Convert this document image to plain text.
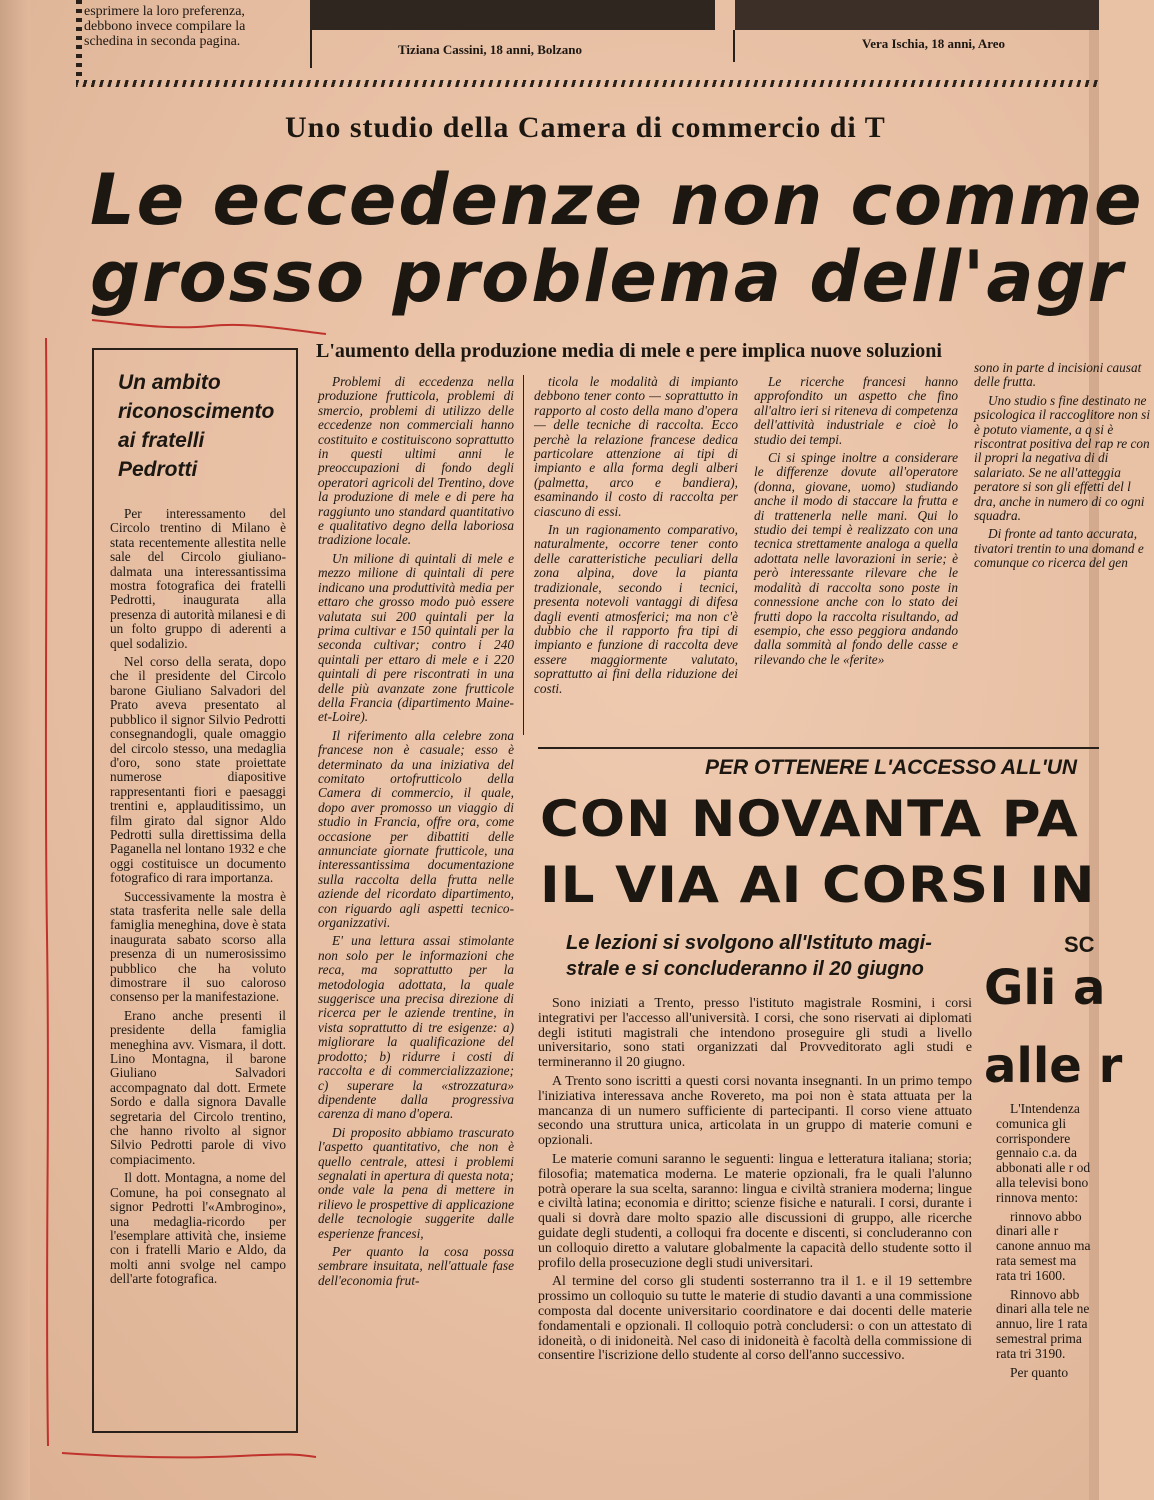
esprimere la loro preferenza, debbono invece compilare la schedina in seconda pagina.
Tiziana Cassini, 18 anni, Bolzano	Vera Ischia, 18 anni, Areo
Uno studio della Camera di commercio di T
Le eccedenze non comme
grosso problema dell'agr
L'aumento della produzione media di mele e pere implica nuove soluzioni
Un ambito
riconoscimento
ai fratelli
Pedrotti

Per interessamento del Circolo trentino di Milano è stata recentemente allestita nelle sale del Circolo giuliano-dalmata una interessantissima mostra fotografica dei fratelli Pedrotti, inaugurata alla presenza di autorità milanesi e di un folto gruppo di aderenti a quel sodalizio.

Nel corso della serata, dopo che il presidente del Circolo barone Giuliano Salvadori del Prato aveva presentato al pubblico il signor Silvio Pedrotti consegnandogli, quale omaggio del circolo stesso, una medaglia d'oro, sono state proiettate numerose diapositive rappresentanti fiori e paesaggi trentini e, applauditissimo, un film girato dal signor Aldo Pedrotti sulla direttissima della Paganella nel lontano 1932 e che oggi costituisce un documento fotografico di rara importanza.

Successivamente la mostra è stata trasferita nelle sale della famiglia meneghina, dove è stata inaugurata sabato scorso alla presenza di un numerosissimo pubblico che ha voluto dimostrare il suo caloroso consenso per la manifestazione.

Erano anche presenti il presidente della famiglia meneghina avv. Vismara, il dott. Lino Montagna, il barone Giuliano Salvadori accompagnato dal dott. Ermete Sordo e dalla signora Davalle segretaria del Circolo trentino, che hanno rivolto al signor Silvio Pedrotti parole di vivo compiacimento.

Il dott. Montagna, a nome del Comune, ha poi consegnato al signor Pedrotti l'«Ambrogino», una medaglia-ricordo per l'esemplare attività che, insieme con i fratelli Mario e Aldo, da molti anni svolge nel campo dell'arte fotografica.

Problemi di eccedenza nella produzione frutticola, problemi di smercio, problemi di utilizzo delle eccedenze non commerciali hanno costituito e costituiscono soprattutto in questi ultimi anni le preoccupazioni di fondo degli operatori agricoli del Trentino, dove la produzione di mele e di pere ha raggiunto uno standard quantitativo e qualitativo degno della laboriosa tradizione locale.

Un milione di quintali di mele e mezzo milione di quintali di pere indicano una produttività media per ettaro che grosso modo può essere valutata sui 200 quintali per la prima cultivar e 150 quintali per la seconda cultivar; contro i 240 quintali per ettaro di mele e i 220 quintali di pere riscontrati in una delle più avanzate zone frutticole della Francia (dipartimento Maine-et-Loire).

Il riferimento alla celebre zona francese non è casuale; esso è determinato da una iniziativa del comitato ortofrutticolo della Camera di commercio, il quale, dopo aver promosso un viaggio di studio in Francia, offre ora, come occasione per dibattiti delle annunciate giornate frutticole, una interessantissima documentazione sulla raccolta della frutta nelle aziende del ricordato dipartimento, con riguardo agli aspetti tecnico-organizzativi.

E' una lettura assai stimolante non solo per le informazioni che reca, ma soprattutto per la metodologia adottata, la quale suggerisce una precisa direzione di ricerca per le aziende trentine, in vista soprattutto di tre esigenze: a) migliorare la qualificazione del prodotto; b) ridurre i costi di raccolta e di commercializzazione; c) superare la «strozzatura» dipendente dalla progressiva carenza di mano d'opera.

Di proposito abbiamo trascurato l'aspetto quantitativo, che non è quello centrale, attesi i problemi segnalati in apertura di questa nota; onde vale la pena di mettere in rilievo le prospettive di applicazione delle tecnologie suggerite dalle esperienze francesi,

Per quanto la cosa possa sembrare insuitata, nell'attuale fase dell'economia frut-

ticola le modalità di impianto debbono tener conto — soprattutto in rapporto al costo della mano d'opera — delle tecniche di raccolta. Ecco perchè la relazione francese dedica particolare attenzione ai tipi di impianto e alla forma degli alberi (palmetta, arco e bandiera), esaminando il costo di raccolta per ciascuno di essi.

In un ragionamento comparativo, naturalmente, occorre tener conto delle caratteristiche peculiari della zona alpina, dove la pianta tradizionale, secondo i tecnici, presenta notevoli vantaggi di difesa dagli eventi atmosferici; ma non c'è dubbio che il rapporto fra tipi di impianto e funzione di raccolta deve essere maggiormente valutato, soprattutto ai fini della riduzione dei costi.

Le ricerche francesi hanno approfondito un aspetto che fino all'altro ieri si riteneva di competenza dell'attività industriale e cioè lo studio dei tempi.

Ci si spinge inoltre a considerare le differenze dovute all'operatore (donna, giovane, uomo) studiando anche il modo di staccare la frutta e di trattenerla nelle mani. Qui lo studio dei tempi è realizzato con una tecnica strettamente analoga a quella adottata nelle lavorazioni in serie; è però interessante rilevare che le modalità di raccolta sono poste in connessione anche con lo stato dei frutti dopo la raccolta risultando, ad esempio, che esso peggiora andando dalla sommità al fondo delle casse e rilevando che le «ferite»

sono in parte d incisioni causat delle frutta.

Uno studio s fine destinato ne psicologica il raccoglitore non si è potuto viamente, a q si è riscontrat positiva del rap re con il propri la negativa di di salariato. Se ne all'atteggia peratore si son gli effetti del l dra, anche in numero di co ogni squadra.

Di fronte ad tanto accurata, tivatori trentin to una domand e comunque co ricerca del gen

PER OTTENERE L'ACCESSO ALL'UN
CON NOVANTA PA
IL VIA AI CORSI IN
Le lezioni si svolgono all'Istituto magi-
strale e si concluderanno il 20 giugno

Sono iniziati a Trento, presso l'istituto magistrale Rosmini, i corsi integrativi per l'accesso all'università. I corsi, che sono riservati ai diplomati degli istituti magistrali che intendono proseguire gli studi a livello universitario, sono stati organizzati dal Provveditorato agli studi e termineranno il 20 giugno.

A Trento sono iscritti a questi corsi novanta insegnanti. In un primo tempo l'iniziativa interessava anche Rovereto, ma poi non è stata attuata per la mancanza di un numero sufficiente di partecipanti. Il corso viene attuato secondo una struttura unica, articolata in un gruppo di materie comuni e opzionali.

Le materie comuni saranno le seguenti: lingua e letteratura italiana; storia; filosofia; matematica moderna. Le materie opzionali, fra le quali l'alunno potrà operare la sua scelta, saranno: lingua e civiltà straniera moderna; lingue e civiltà latina; economia e diritto; scienze fisiche e naturali. I corsi, durante i quali si dovrà dare molto spazio alle discussioni di gruppo, alle ricerche guidate degli studenti, a colloqui fra docente e discenti, si concluderanno con un colloquio diretto a valutare globalmente la capacità dello studente sotto il profilo della prosecuzione degli studi universitari.

Al termine del corso gli studenti sosterranno tra il 1. e il 19 settembre prossimo un colloquio su tutte le materie di studio davanti a una commissione composta dal docente universitario coordinatore e dai docenti delle materie fondamentali e opzionali. Il colloquio potrà concludersi: o con un attestato di idoneità, o di inidoneità. Nel caso di inidoneità è facoltà della commissione di consentire l'iscrizione dello studente al corso dell'anno successivo.

SC
Gli a
alle r

L'Intendenza comunica gli corrispondere gennaio c.a. da abbonati alle r od alla televisi bono rinnova mento:

rinnovo abbo dinari alle r canone annuo ma rata semest ma rata tri 1600.

Rinnovo abb dinari alla tele ne annuo, lire 1 rata semestral prima rata tri 3190.

Per quanto
